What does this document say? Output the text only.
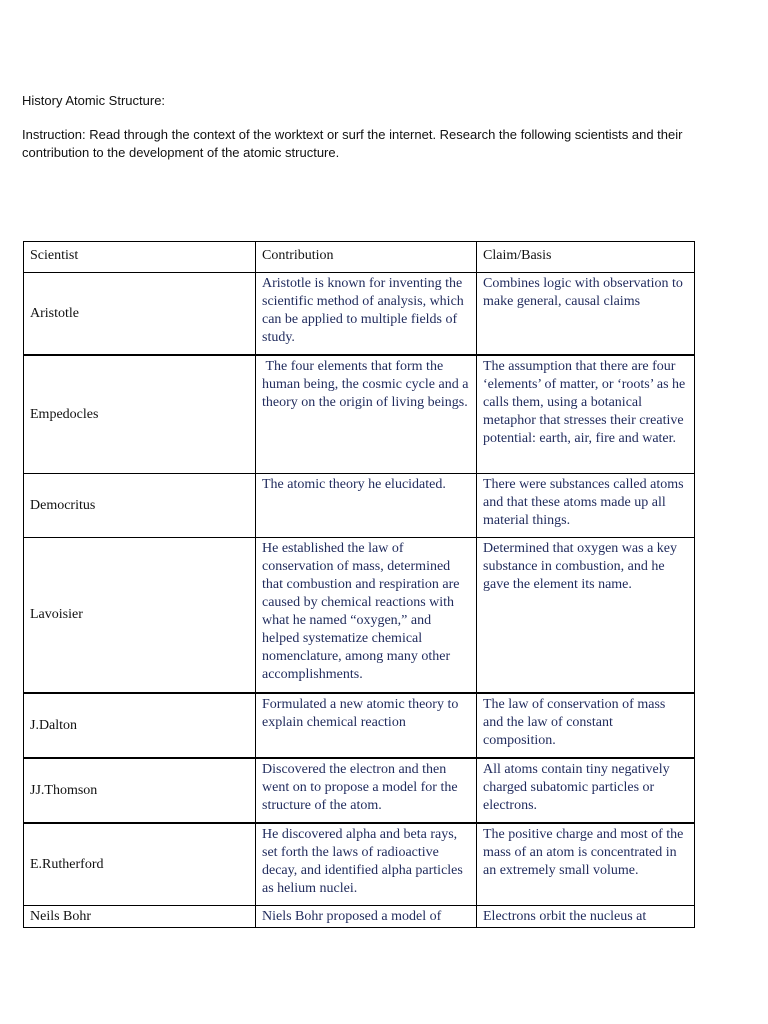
History Atomic Structure:
Instruction: Read through the context of the worktext or surf the internet. Research the following scientists and their contribution to the development of the atomic structure.
Scientist	Contribution	Claim/Basis
Aristotle	Aristotle is known for inventing the scientific method of analysis, which can be applied to multiple fields of study.	Combines logic with observation to make general, causal claims
Empedocles	The four elements that form the human being, the cosmic cycle and a theory on the origin of living beings.	The assumption that there are four ‘elements’ of matter, or ‘roots’ as he calls them, using a botanical metaphor that stresses their creative potential: earth, air, fire and water.
Democritus	The atomic theory he elucidated.	There were substances called atoms and that these atoms made up all material things.
Lavoisier	He established the law of conservation of mass, determined that combustion and respiration are caused by chemical reactions with what he named “oxygen,” and helped systematize chemical nomenclature, among many other accomplishments.	Determined that oxygen was a key substance in combustion, and he gave the element its name.
J.Dalton	Formulated a new atomic theory to explain chemical reaction	The law of conservation of mass and the law of constant composition.
JJ.Thomson	Discovered the electron and then went on to propose a model for the structure of the atom.	All atoms contain tiny negatively charged subatomic particles or electrons.
E.Rutherford	He discovered alpha and beta rays, set forth the laws of radioactive decay, and identified alpha particles as helium nuclei.	The positive charge and most of the mass of an atom is concentrated in an extremely small volume.
Neils Bohr	Niels Bohr proposed a model of	Electrons orbit the nucleus at
